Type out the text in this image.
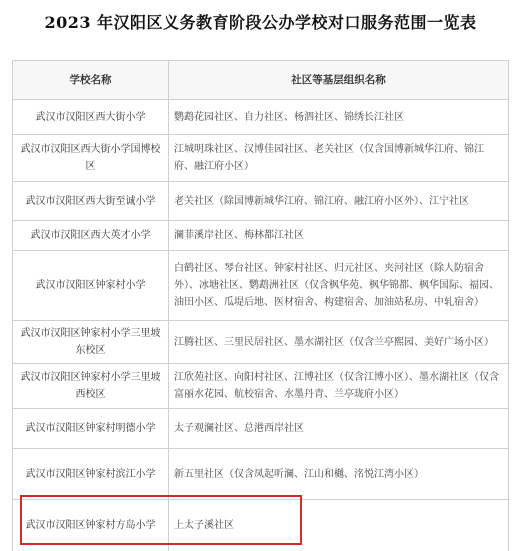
2023 年汉阳区义务教育阶段公办学校对口服务范围一览表
学校名称	社区等基层组织名称
武汉市汉阳区西大街小学	鹦鹉花园社区、自力社区、杨泗社区、锦绣长江社区
武汉市汉阳区西大街小学国博校区	江城明珠社区、汉博佳园社区、老关社区（仅含国博新城华江府、锦江府、融江府小区）
武汉市汉阳区西大街至诚小学	老关社区（除国博新城华江府、锦江府、融江府小区外）、江宁社区
武汉市汉阳区西大英才小学	澜菲溪岸社区、梅林都江社区
武汉市汉阳区钟家村小学	白鹤社区、琴台社区、钟家村社区、归元社区、夹河社区（除人防宿舍外）、冰塘社区、鹦鹉洲社区（仅含枫华苑、枫华锦都、枫华国际、福园、油田小区、瓜堤后地、医材宿舍、构建宿舍、加油站私房、中轧宿舍）
武汉市汉阳区钟家村小学三里坡东校区	江腾社区、三里民居社区、墨水湖社区（仅含兰亭熙园、美好广场小区）
武汉市汉阳区钟家村小学三里坡西校区	江欣苑社区、向阳村社区、江博社区（仅含江博小区）、墨水湖社区（仅含富丽水花园、航校宿舍、水墨丹青、兰亭珑府小区）
武汉市汉阳区钟家村明德小学	太子观澜社区、总港西岸社区
武汉市汉阳区钟家村滨江小学	新五里社区（仅含凤起听澜、江山和樾、洺悦江湾小区）
武汉市汉阳区钟家村方岛小学	上太子溪社区
